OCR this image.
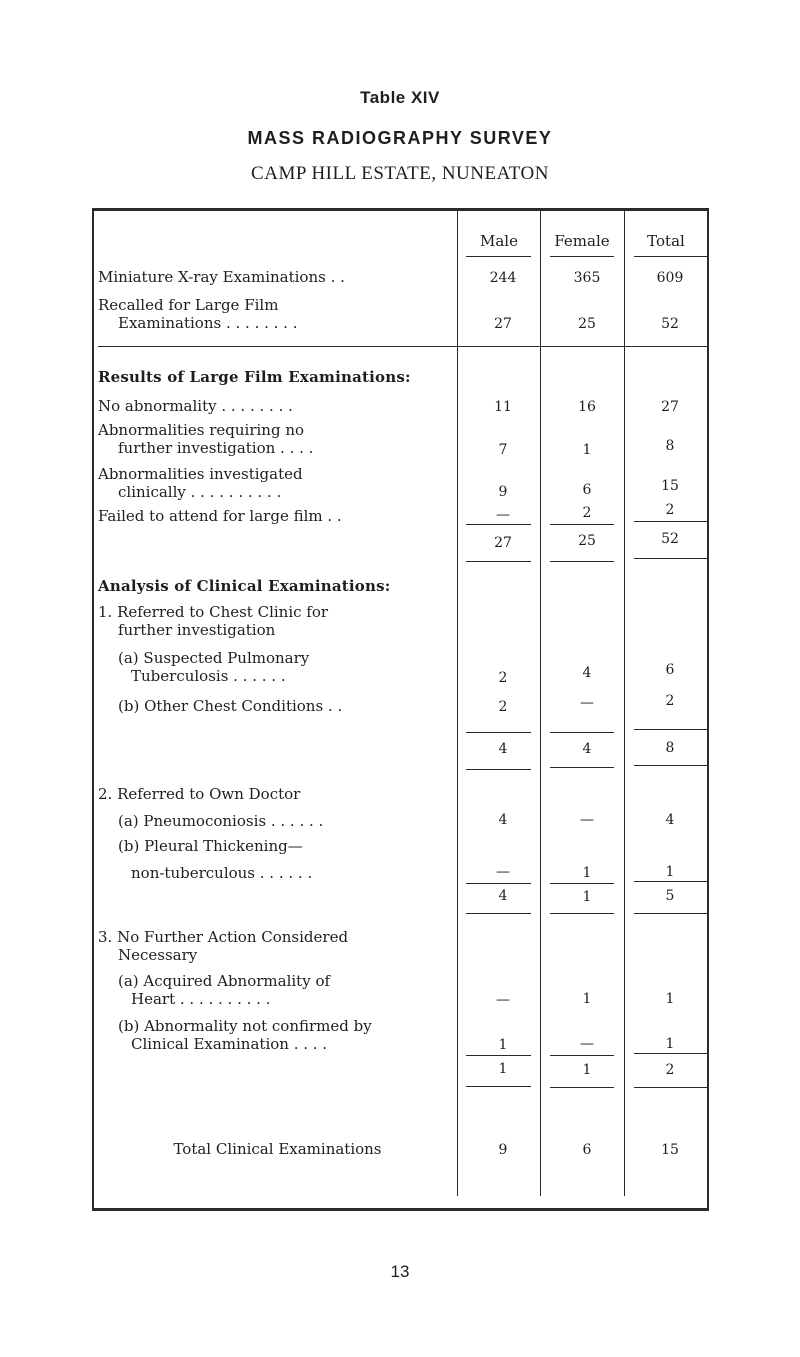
Table XIV
MASS RADIOGRAPHY SURVEY
CAMP HILL ESTATE, NUNEATON
Male	Female	Total
Miniature X-ray Examinations . .	244	365	609
Recalled for Large Film
Examinations . . . . . . . .	27	25	52
Results of Large Film Examinations:
No abnormality . . . . . . . .	11	16	27
Abnormalities requiring no
further investigation . . . .	7	1	8
Abnormalities investigated
clinically . . . . . . . . . .	9	6	15
Failed to attend for large film . .	—	2	2
27	25	52
Analysis of Clinical Examinations:
1. Referred to Chest Clinic for
further investigation
(a) Suspected Pulmonary
Tuberculosis . . . . . .	2	4	6
(b) Other Chest Conditions . .	2	—	2
4	4	8
2. Referred to Own Doctor
(a) Pneumoconiosis . . . . . .	4	—	4
(b) Pleural Thickening—
non-tuberculous . . . . . .	—	1	1
4	1	5
3. No Further Action Considered
Necessary
(a) Acquired Abnormality of
Heart . . . . . . . . . .	—	1	1
(b) Abnormality not confirmed by
Clinical Examination . . . .	1	—	1
1	1	2
Total Clinical Examinations	9	6	15
13
